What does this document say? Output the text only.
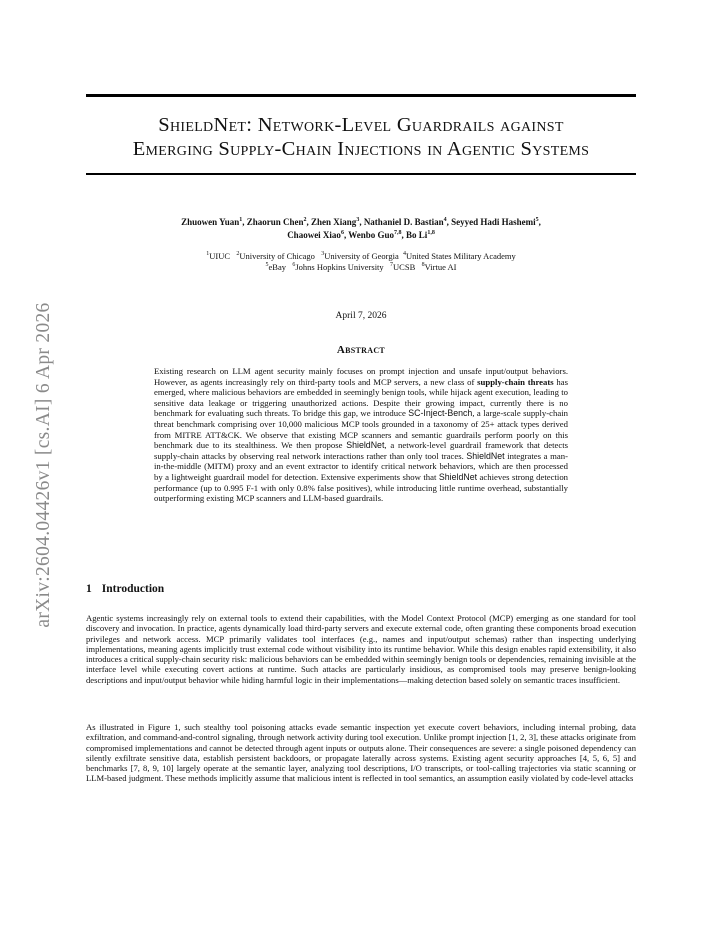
arXiv:2604.04426v1 [cs.AI] 6 Apr 2026
ShieldNet: Network-Level Guardrails against
Emerging Supply-Chain Injections in Agentic Systems
Zhuowen Yuan$^1$, Zhaorun Chen$^2$, Zhen Xiang$^3$, Nathaniel D. Bastian$^4$, Seyyed Hadi Hashemi$^5$,
Chaowei Xiao$^6$, Wenbo Guo$^{7,8}$, Bo Li$^{1,8}$
$^1$UIUC $^2$University of Chicago $^3$University of Georgia $^4$United States Military Academy
$^5$eBay $^6$Johns Hopkins University $^7$UCSB $^8$Virtue AI
April 7, 2026
Abstract

Existing research on LLM agent security mainly focuses on prompt injection and unsafe input/output behaviors. However, as agents increasingly rely on third-party tools and MCP servers, a new class of supply-chain threats has emerged, where malicious behaviors are embedded in seemingly benign tools, while hijack agent execution, leading to sensitive data leakage or triggering unauthorized actions. Despite their growing impact, currently there is no benchmark for evaluating such threats. To bridge this gap, we introduce SC-Inject-Bench, a large-scale supply-chain threat benchmark comprising over 10,000 malicious MCP tools grounded in a taxonomy of 25+ attack types derived from MITRE ATT&CK. We observe that existing MCP scanners and semantic guardrails perform poorly on this benchmark due to its stealthiness. We then propose ShieldNet, a network-level guardrail framework that detects supply-chain attacks by observing real network interactions rather than only tool traces. ShieldNet integrates a man-in-the-middle (MITM) proxy and an event extractor to identify critical network behaviors, which are then processed by a lightweight guardrail model for detection. Extensive experiments show that ShieldNet achieves strong detection performance (up to 0.995 F-1 with only 0.8% false positives), while introducing little runtime overhead, substantially outperforming existing MCP scanners and LLM-based guardrails.

1 Introduction
Agentic systems increasingly rely on external tools to extend their capabilities, with the Model Context Protocol (MCP) emerging as one standard for tool discovery and invocation. In practice, agents dynamically load third-party servers and execute external code, often granting these components broad execution privileges and network access. MCP primarily validates tool interfaces (e.g., names and input/output schemas) rather than inspecting underlying implementations, meaning agents implicitly trust external code without visibility into its runtime behavior. While this design enables rapid extensibility, it also introduces a critical supply-chain security risk: malicious behaviors can be embedded within seemingly benign tools or dependencies, remaining invisible at the interface level while executing covert actions at runtime. Such attacks are particularly insidious, as compromised tools may preserve benign-looking descriptions and input/output behavior while hiding harmful logic in their implementations—making detection based solely on semantic traces insufficient.
As illustrated in Figure 1, such stealthy tool poisoning attacks evade semantic inspection yet execute covert behaviors, including internal probing, data exfiltration, and command-and-control signaling, through network activity during tool execution. Unlike prompt injection [1, 2, 3], these attacks originate from compromised implementations and cannot be detected through agent inputs or outputs alone. Their consequences are severe: a single poisoned dependency can silently exfiltrate sensitive data, establish persistent backdoors, or propagate laterally across systems. Existing agent security approaches [4, 5, 6, 5] and benchmarks [7, 8, 9, 10] largely operate at the semantic layer, analyzing tool descriptions, I/O transcripts, or tool-calling trajectories via static scanning or LLM-based judgment. These methods implicitly assume that malicious intent is reflected in tool semantics, an assumption easily violated by code-level attacks
